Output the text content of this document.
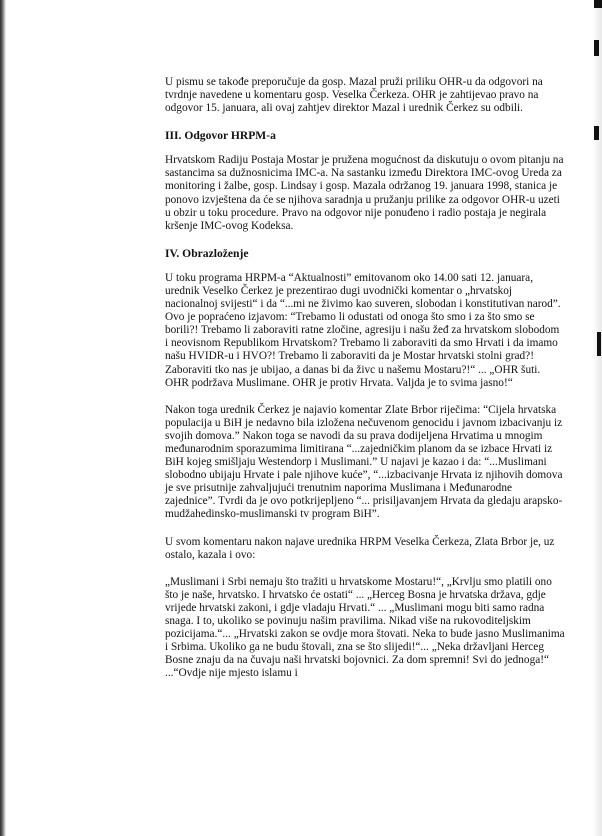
U pismu se takođe preporučuje da gosp. Mazal pruži priliku OHR-u da odgovori na tvrdnje navedene u komentaru gosp. Veselka Čerkeza. OHR je zahtijevao pravo na odgovor 15. januara, ali ovaj zahtjev direktor Mazal i urednik Čerkez su odbili.

III. Odgovor HRPM-a

Hrvatskom Radiju Postaja Mostar je pružena mogućnost da diskutuju o ovom pitanju na sastancima sa dužnosnicima IMC-a. Na sastanku između Direktora IMC-ovog Ureda za monitoring i žalbe, gosp. Lindsay i gosp. Mazala održanog 19. januara 1998, stanica je ponovo izvještena da će se njihova saradnja u pružanju prilike za odgovor OHR-u uzeti u obzir u toku procedure. Pravo na odgovor nije ponuđeno i radio postaja je negirala kršenje IMC-ovog Kodeksa.

IV. Obrazloženje

U toku programa HRPM-a “Aktualnosti” emitovanom oko 14.00 sati 12. januara, urednik Veselko Čerkez je prezentirao dugi uvodnički komentar o „hrvatskoj nacionalnoj svijesti“ i da “...mi ne živimo kao suveren, slobodan i konstitutivan narod”. Ovo je popraćeno izjavom: “Trebamo li odustati od onoga što smo i za što smo se borili?! Trebamo li zaboraviti ratne zločine, agresiju i našu žeđ za hrvatskom slobodom i neovisnom Republikom Hrvatskom? Trebamo li zaboraviti da smo Hrvati i da imamo našu HVIDR-u i HVO?! Trebamo li zaboraviti da je Mostar hrvatski stolni grad?! Zaboraviti tko nas je ubijao, a danas bi da živc u našemu Mostaru?!“ ... „OHR šuti. OHR podržava Muslimane. OHR je protiv Hrvata. Valjda je to svima jasno!“

Nakon toga urednik Čerkez je najavio komentar Zlate Brbor riječima: “Cijela hrvatska populacija u BiH je nedavno bila izložena nečuvenom genocidu i javnom izbacivanju iz svojih domova.” Nakon toga se navodi da su prava dodijeljena Hrvatima u mnogim međunarodnim sporazumima limitirana “...zajedničkim planom da se izbace Hrvati iz BiH kojeg smišljaju Westendorp i Muslimani.” U najavi je kazao i da: “...Muslimani slobodno ubijaju Hrvate i pale njihove kuće”, “...izbacivanje Hrvata iz njihovih domova je sve prisutnije zahvaljujući trenutnim naporima Muslimana i Međunarodne zajednice”. Tvrdi da je ovo potkrijepljeno “... prisiljavanjem Hrvata da gledaju arapsko-mudžahedinsko-muslimanski tv program BiH”.

U svom komentaru nakon najave urednika HRPM Veselka Čerkeza, Zlata Brbor je, uz ostalo, kazala i ovo:

„Muslimani i Srbi nemaju što tražiti u hrvatskome Mostaru!“, „Krvlju smo platili ono što je naše, hrvatsko. I hrvatsko će ostati“ ... „Herceg Bosna je hrvatska država, gdje vrijede hrvatski zakoni, i gdje vladaju Hrvati.“ ... „Muslimani mogu biti samo radna snaga. I to, ukoliko se povinuju našim pravilima. Nikad više na rukovoditeljskim pozicijama.“... „Hrvatski zakon se ovdje mora štovati. Neka to bude jasno Muslimanima i Srbima. Ukoliko ga ne budu štovali, zna se što slijedi!“... „Neka državljani Herceg Bosne znaju da na čuvaju naši hrvatski bojovnici. Za dom spremni! Svi do jednoga!“ ...“Ovdje nije mjesto islamu i
